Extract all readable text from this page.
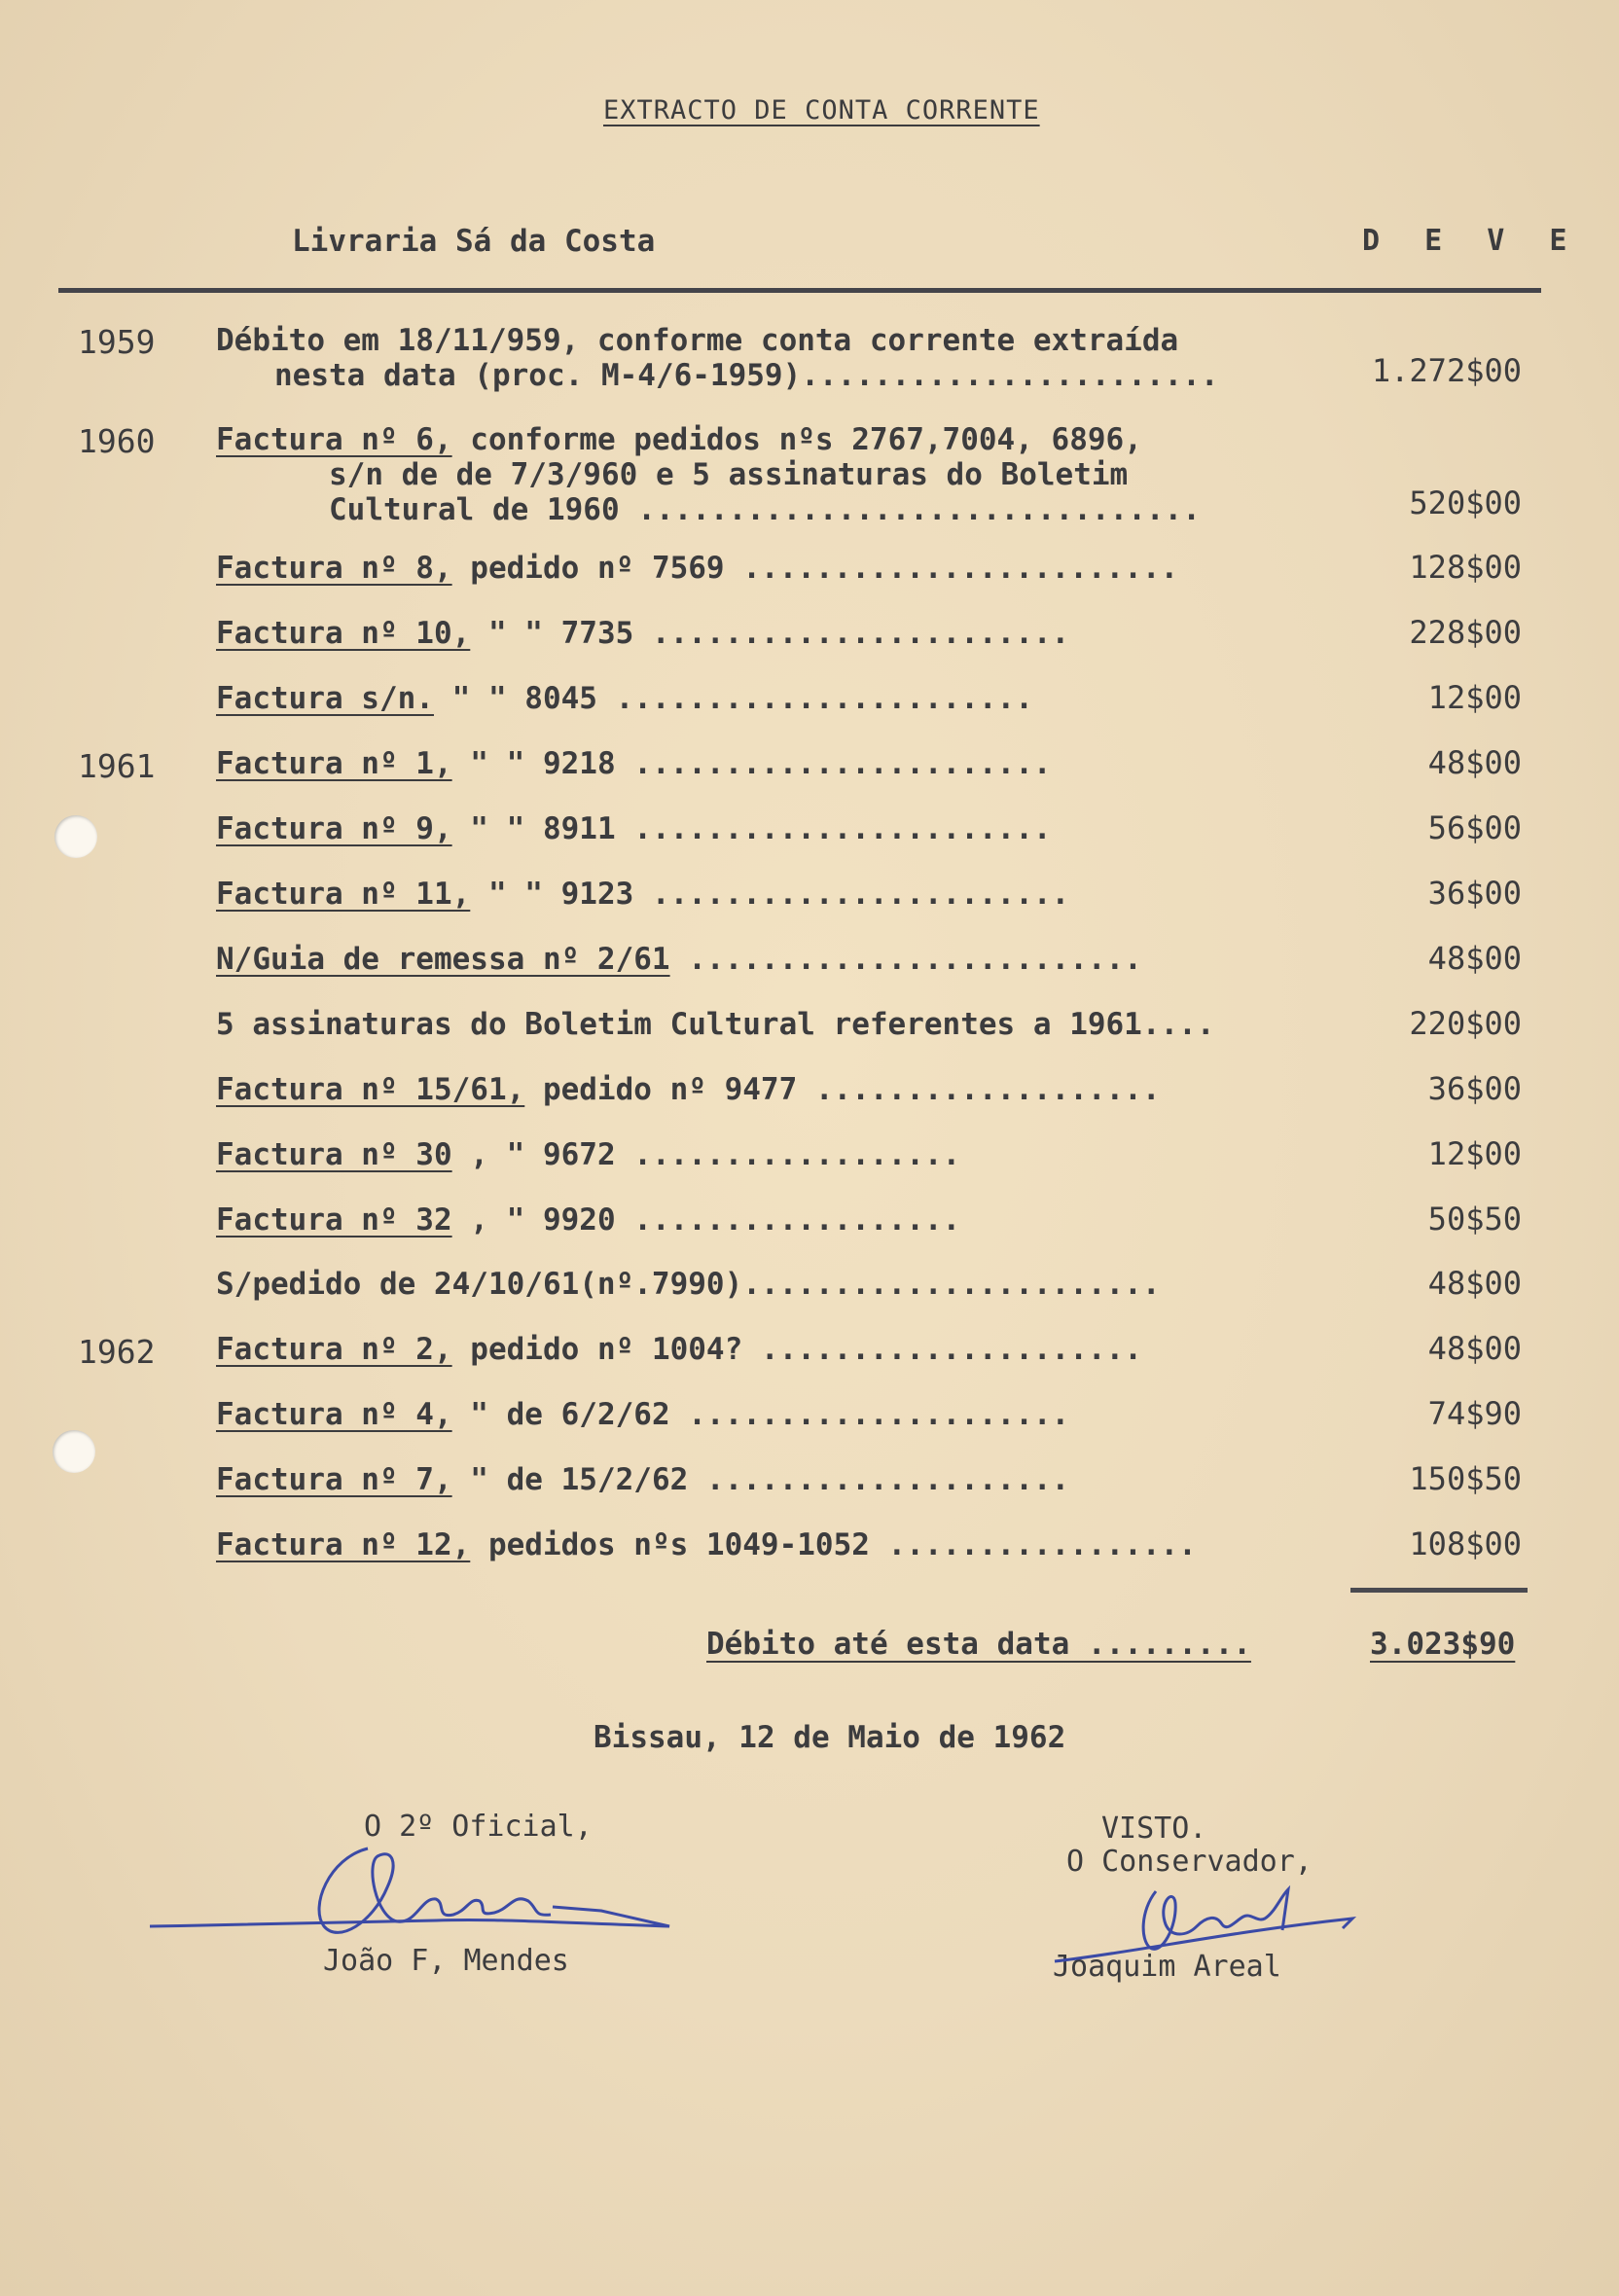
EXTRACTO DE CONTA CORRENTE
Livraria Sá da Costa	D E V E
1959 Débito em 18/11/959, conforme conta corrente extraída
nesta data (proc. M-4/6-1959).......................	1.272$00
1960 Factura nº 6, conforme pedidos nºs 2767,7004, 6896,
s/n de de 7/3/960 e 5 assinaturas do Boletim
Cultural de 1960 ...............................	520$00
Factura nº 8, pedido nº 7569 ........................	128$00
Factura nº 10, " " 7735 .......................	228$00
Factura s/n. " " 8045 .......................	12$00
1961 Factura nº 1, " " 9218 .......................	48$00
Factura nº 9, " " 8911 .......................	56$00
Factura nº 11, " " 9123 .......................	36$00
N/Guia de remessa nº 2/61 .........................	48$00
5 assinaturas do Boletim Cultural referentes a 1961....	220$00
Factura nº 15/61, pedido nº 9477 ...................	36$00
Factura nº 30 , " 9672 ..................	12$00
Factura nº 32 , " 9920 ..................	50$50
S/pedido de 24/10/61(nº.7990).......................	48$00
1962 Factura nº 2, pedido nº 1004? .....................	48$00
Factura nº 4, " de 6/2/62 .....................	74$90
Factura nº 7, " de 15/2/62 ....................	150$50
Factura nº 12, pedidos nºs 1049-1052 .................	108$00
Débito até esta data .........	3.023$90
Bissau, 12 de Maio de 1962
O 2º Oficial,
João F, Mendes
VISTO.
O Conservador,
Joaquim Areal
